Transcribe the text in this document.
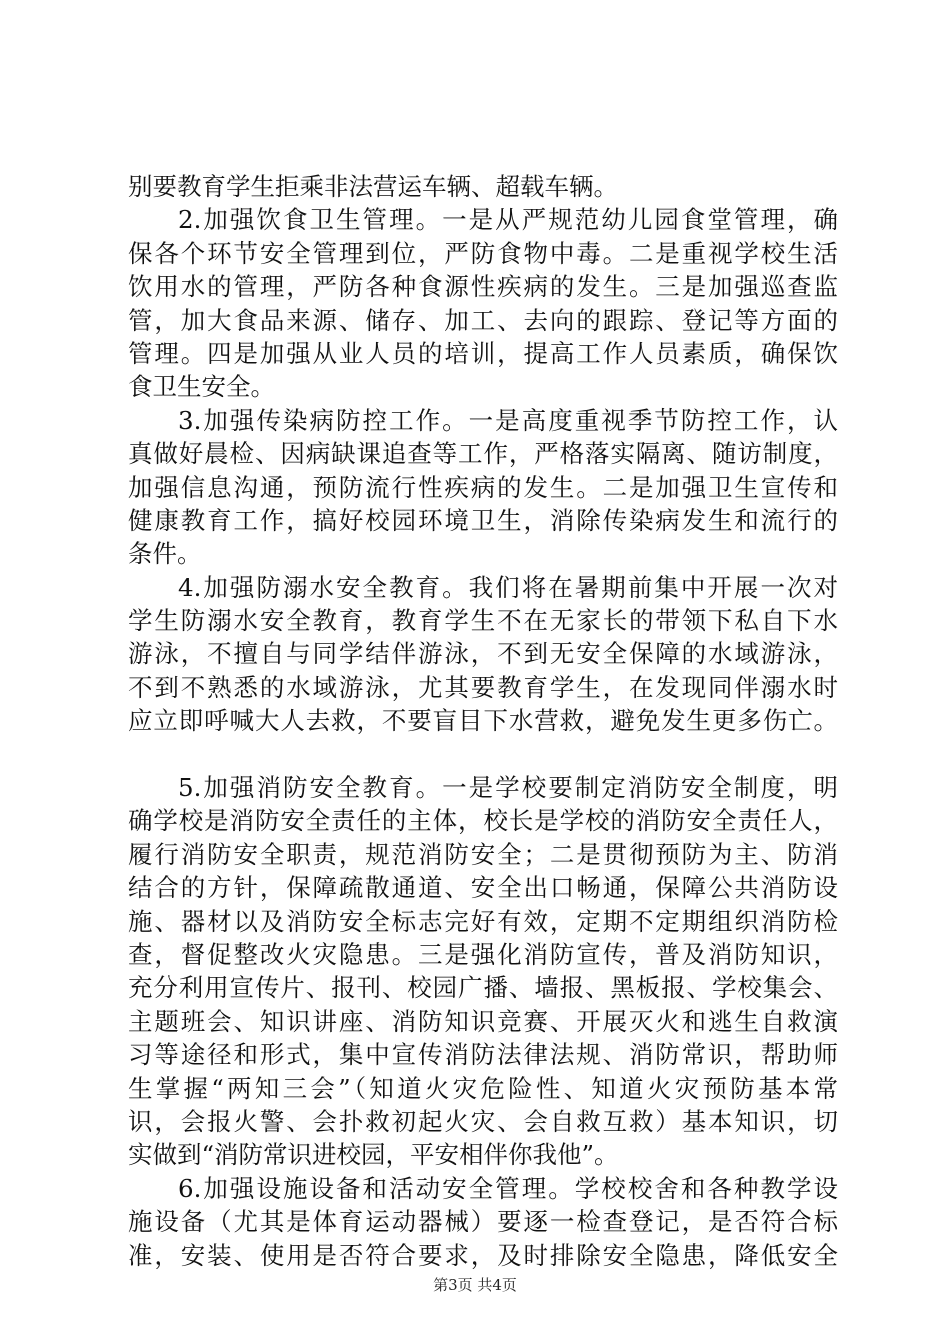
别要教育学生拒乘非法营运车辆、超载车辆。
2.加强饮食卫生管理。一是从严规范幼儿园食堂管理，确
保各个环节安全管理到位，严防食物中毒。二是重视学校生活
饮用水的管理，严防各种食源性疾病的发生。三是加强巡查监
管，加大食品来源、储存、加工、去向的跟踪、登记等方面的
管理。四是加强从业人员的培训，提高工作人员素质，确保饮
食卫生安全。
3.加强传染病防控工作。一是高度重视季节防控工作，认
真做好晨检、因病缺课追查等工作，严格落实隔离、随访制度，
加强信息沟通，预防流行性疾病的发生。二是加强卫生宣传和
健康教育工作，搞好校园环境卫生，消除传染病发生和流行的
条件。
4.加强防溺水安全教育。我们将在暑期前集中开展一次对
学生防溺水安全教育，教育学生不在无家长的带领下私自下水
游泳，不擅自与同学结伴游泳，不到无安全保障的水域游泳，
不到不熟悉的水域游泳，尤其要教育学生，在发现同伴溺水时
应立即呼喊大人去救，不要盲目下水营救，避免发生更多伤亡。
5.加强消防安全教育。一是学校要制定消防安全制度，明
确学校是消防安全责任的主体，校长是学校的消防安全责任人，
履行消防安全职责，规范消防安全；二是贯彻预防为主、防消
结合的方针，保障疏散通道、安全出口畅通，保障公共消防设
施、器材以及消防安全标志完好有效，定期不定期组织消防检
查，督促整改火灾隐患。三是强化消防宣传，普及消防知识，
充分利用宣传片、报刊、校园广播、墙报、黑板报、学校集会、
主题班会、知识讲座、消防知识竞赛、开展灭火和逃生自救演
习等途径和形式，集中宣传消防法律法规、消防常识，帮助师
生掌握“两知三会”（知道火灾危险性、知道火灾预防基本常
识，会报火警、会扑救初起火灾、会自救互救）基本知识，切
实做到“消防常识进校园，平安相伴你我他”。
6.加强设施设备和活动安全管理。学校校舍和各种教学设
施设备（尤其是体育运动器械）要逐一检查登记，是否符合标
准，安装、使用是否符合要求，及时排除安全隐患，降低安全
第3页 共4页
